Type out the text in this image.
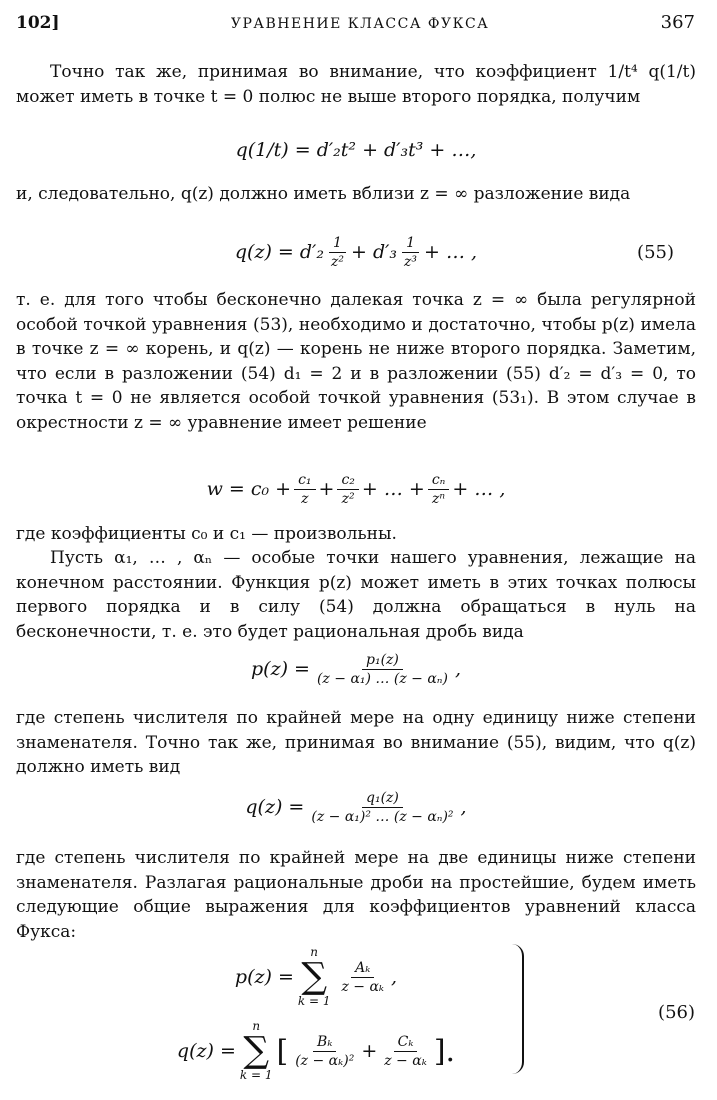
102]	УРАВНЕНИЕ КЛАССА ФУКСА	367

Точно так же, принимая во внимание, что коэффициент 1/t⁴ q(1/t) может иметь в точке t = 0 полюс не выше второго порядка, получим

q(1/t) =
d′₂t² + d′₃t³ + …,

и, следовательно, q(z) должно иметь вблизи z = ∞ разложение вида

$q(z) = d'_2 \frac{1}{\text{z²}} + d'_3 \frac{1}{\text{z³}}$ + … ,	(55)

т. е. для того чтобы бесконечно далекая точка z = ∞ была регулярной особой точкой уравнения (53), необходимо и достаточно, чтобы p(z) имела в точке z = ∞ корень, и q(z) — корень не ниже второго порядка. Заметим, что если в разложении (54) d₁ = 2 и в разложении (55) d′₂ = d′₃ = 0, то точка t = 0 не является особой точкой уравнения (53₁). В этом случае в окрестности z = ∞ уравнение имеет решение

$w = c_0 + \frac{\text{c₁}}{z} + \frac{\text{c₂}}{\text{z²}}$ + … + $\frac{\text{cₙ}}{\text{zⁿ}}$ + … ,

где коэффициенты c₀ и c₁ — произвольны.

Пусть α₁, … , αₙ — особые точки нашего уравнения, лежащие на конечном расстоянии. Функция p(z) может иметь в этих точках полюсы первого порядка и в силу (54) должна обращаться в нуль на бесконечности, т. е. это будет рациональная дробь вида

$p(z) = \frac{\text{p₁(z)}}{\text{(z − α₁) … (z − αₙ)}}$ ,

где степень числителя по крайней мере на одну единицу ниже степени знаменателя. Точно так же, принимая во внимание (55), видим, что q(z) должно иметь вид

$q(z) = \frac{\text{q₁(z)}}{\text{(z − α₁)² … (z − αₙ)²}}$ ,

где степень числителя по крайней мере на две единицы ниже степени знаменателя. Разлагая рациональные дроби на простейшие, будем иметь следующие общие выражения для коэффициентов уравнений класса Фукса:

p(z) =
n
∑
k = 1
$\frac{\text{Aₖ}}{\text{z − αₖ}}$ ,
q(z) =
n
∑
k = 1
[ $\frac{\text{Bₖ}}{\text{(z − αₖ)²}} + \frac{\text{Cₖ}}{\text{z − αₖ}}$ ].
(56)
